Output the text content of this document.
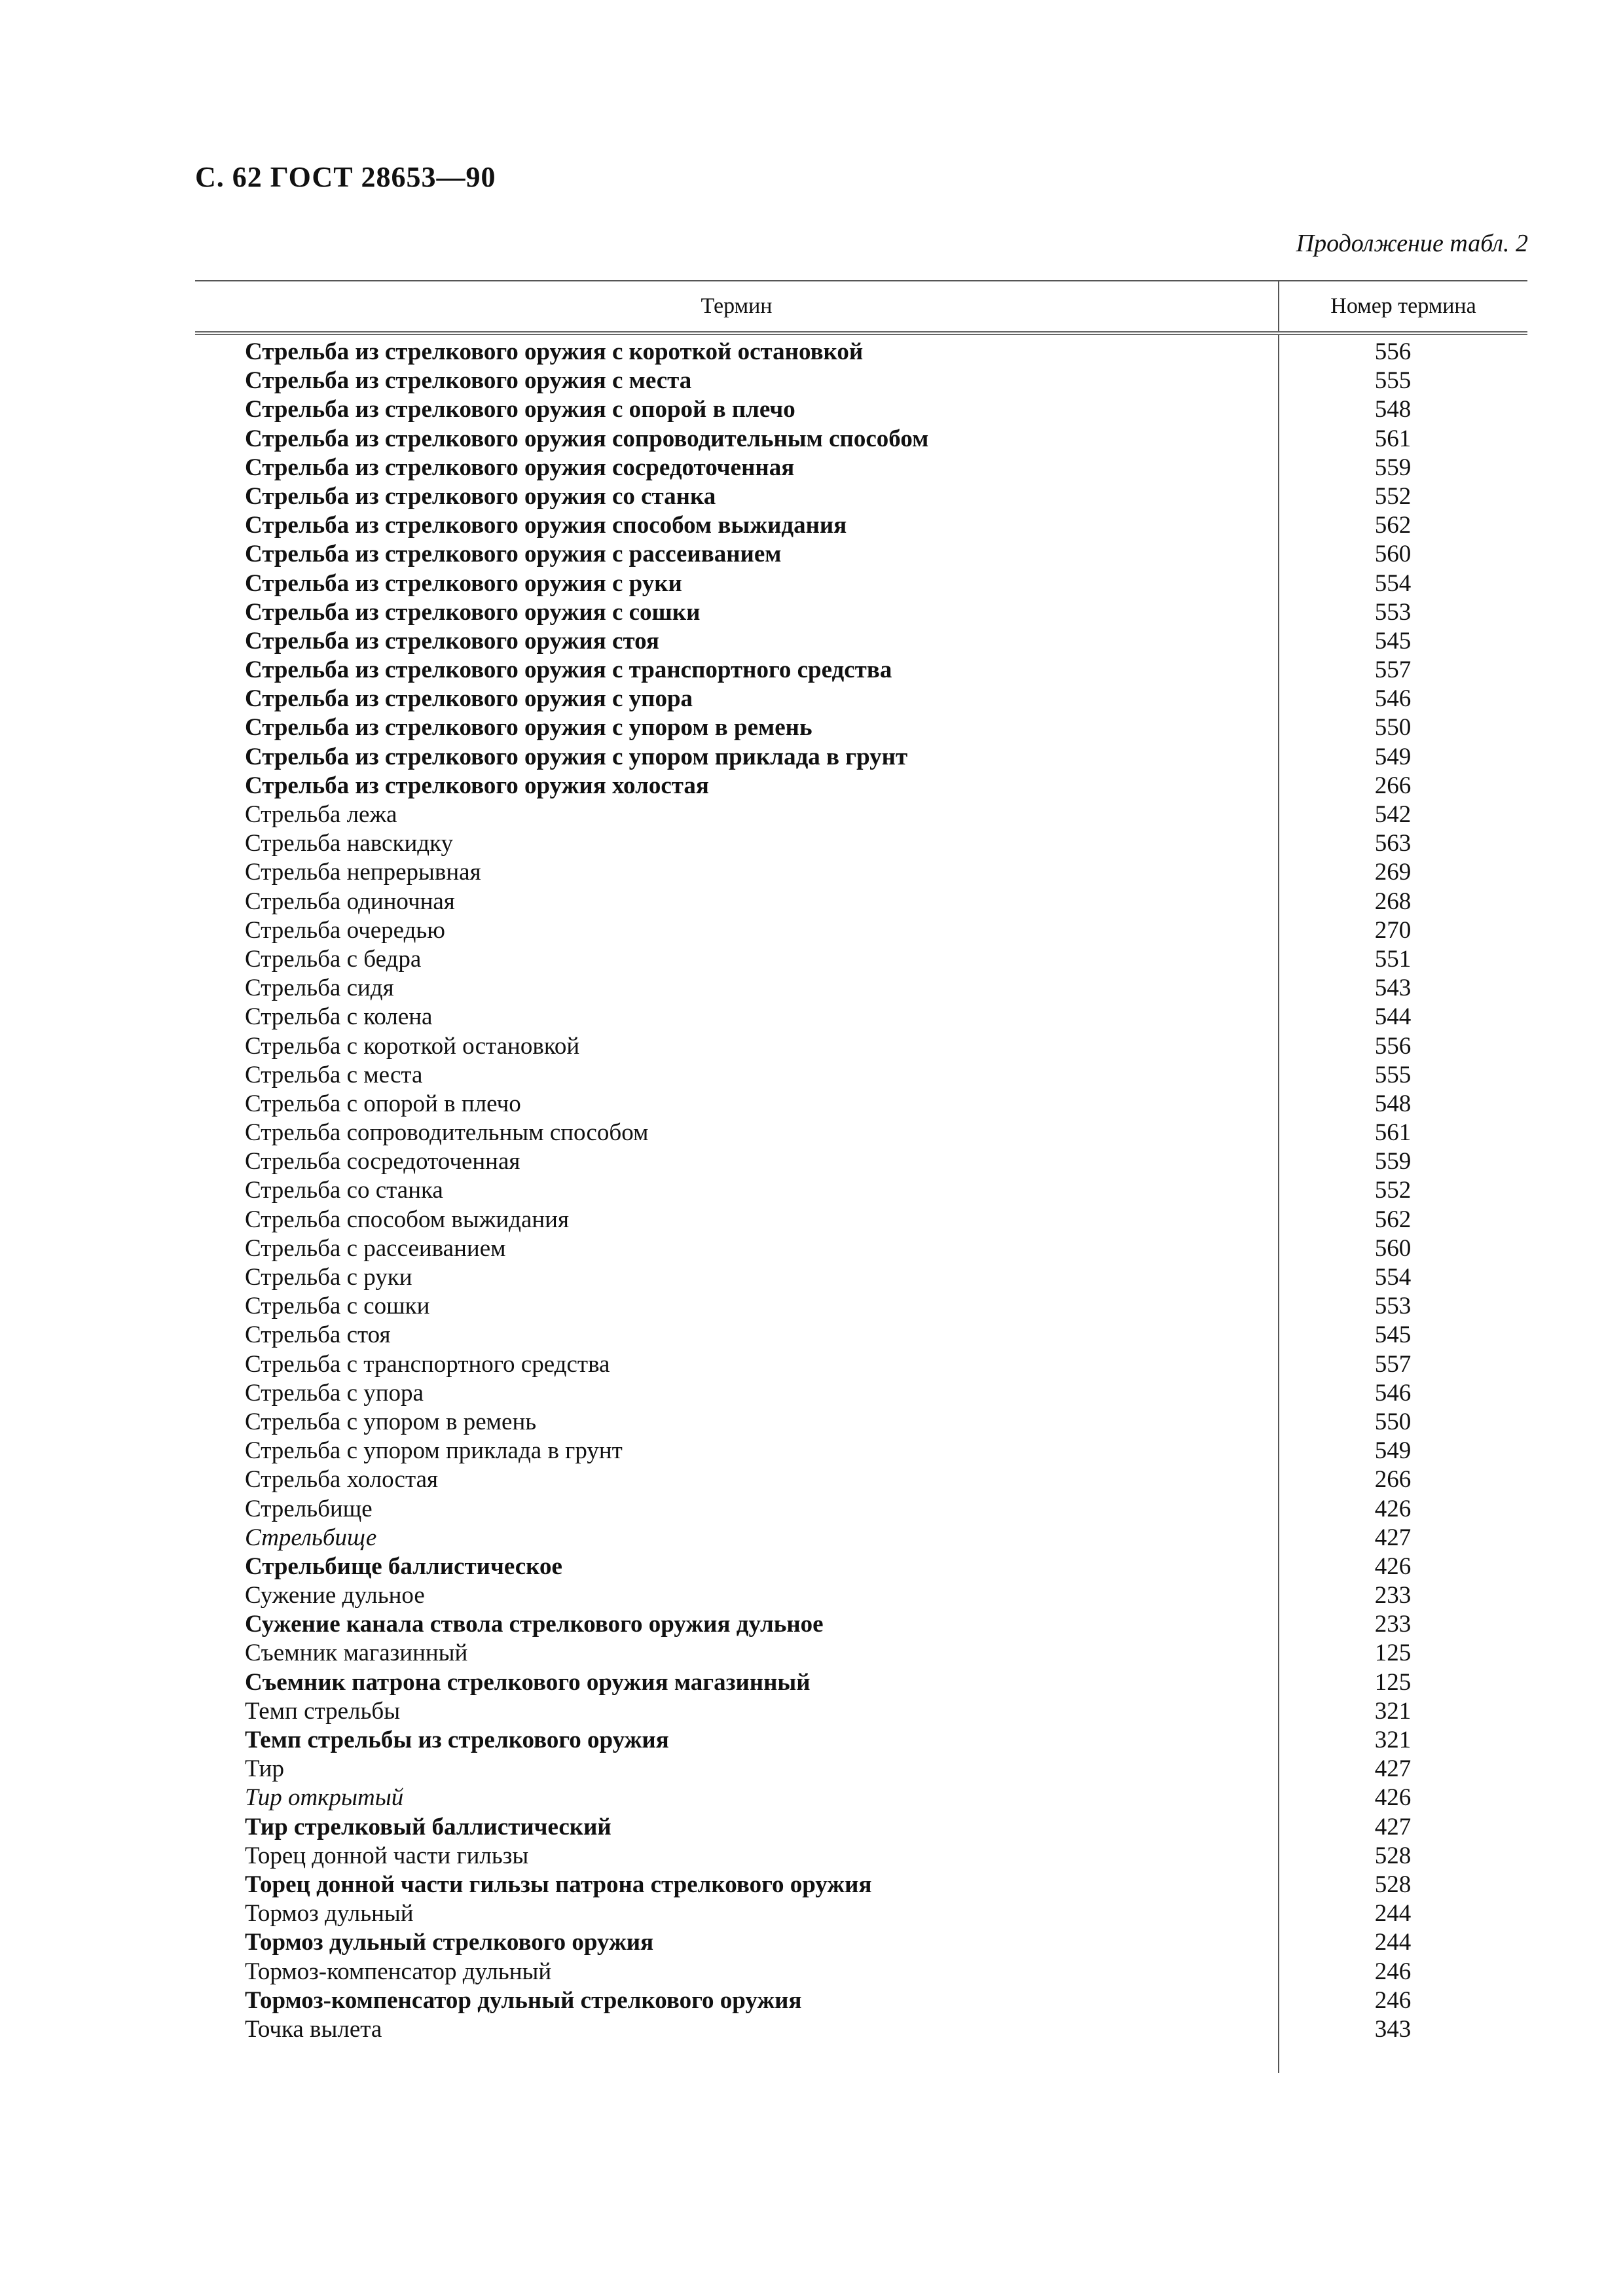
С. 62 ГОСТ 28653—90
Продолжение табл. 2
Термин	Номер термина
Стрельба из стрелкового оружия с короткой остановкой	556
Стрельба из стрелкового оружия с места	555
Стрельба из стрелкового оружия с опорой в плечо	548
Стрельба из стрелкового оружия сопроводительным способом	561
Стрельба из стрелкового оружия сосредоточенная	559
Стрельба из стрелкового оружия со станка	552
Стрельба из стрелкового оружия способом выжидания	562
Стрельба из стрелкового оружия с рассеиванием	560
Стрельба из стрелкового оружия с руки	554
Стрельба из стрелкового оружия с сошки	553
Стрельба из стрелкового оружия стоя	545
Стрельба из стрелкового оружия с транспортного средства	557
Стрельба из стрелкового оружия с упора	546
Стрельба из стрелкового оружия с упором в ремень	550
Стрельба из стрелкового оружия с упором приклада в грунт	549
Стрельба из стрелкового оружия холостая	266
Стрельба лежа	542
Стрельба навскидку	563
Стрельба непрерывная	269
Стрельба одиночная	268
Стрельба очередью	270
Стрельба с бедра	551
Стрельба сидя	543
Стрельба с колена	544
Стрельба с короткой остановкой	556
Стрельба с места	555
Стрельба с опорой в плечо	548
Стрельба сопроводительным способом	561
Стрельба сосредоточенная	559
Стрельба со станка	552
Стрельба способом выжидания	562
Стрельба с рассеиванием	560
Стрельба с руки	554
Стрельба с сошки	553
Стрельба стоя	545
Стрельба с транспортного средства	557
Стрельба с упора	546
Стрельба с упором в ремень	550
Стрельба с упором приклада в грунт	549
Стрельба холостая	266
Стрельбище	426
Стрельбище	427
Стрельбище баллистическое	426
Сужение дульное	233
Сужение канала ствола стрелкового оружия дульное	233
Съемник магазинный	125
Съемник патрона стрелкового оружия магазинный	125
Темп стрельбы	321
Темп стрельбы из стрелкового оружия	321
Тир	427
Тир открытый	426
Тир стрелковый баллистический	427
Торец донной части гильзы	528
Торец донной части гильзы патрона стрелкового оружия	528
Тормоз дульный	244
Тормоз дульный стрелкового оружия	244
Тормоз-компенсатор дульный	246
Тормоз-компенсатор дульный стрелкового оружия	246
Точка вылета	343
